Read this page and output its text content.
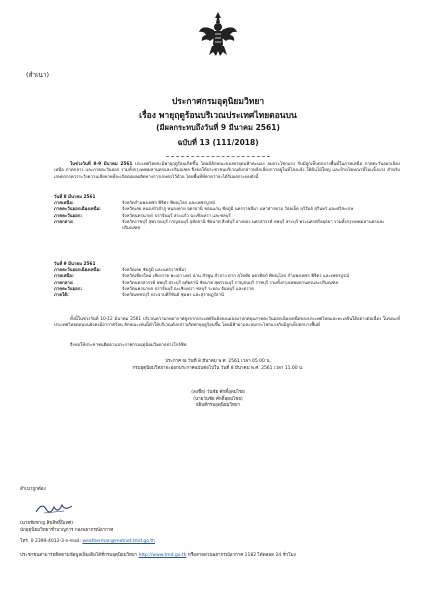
(สำเนา)
ประกาศกรมอุตุนิยมวิทยา
เรื่อง พายุฤดูร้อนบริเวณประเทศไทยตอนบน
(มีผลกระทบถึงวันที่ 9 มีนาคม 2561)
ฉบับที่ 13 (111/2018)
ในช่วงวันที่ 8-9 มีนาคม 2561 ประเทศไทยจะมีพายุฤดูร้อนเกิดขึ้น โดยมีลักษณะของพายุฝนฟ้าคะนอง ลมกระโชกแรง กับมีลูกเห็บตกบางพื้นที่ในภาคเหนือ ภาคตะวันออกเฉียงเหนือ ภาคกลาง และภาคตะวันออก รวมทั้งกรุงเทพมหานครและปริมณฑล จึงขอให้ประชาชนบริเวณดังกล่าวหลีกเลี่ยงการอยู่ในที่โล่งแจ้ง ใต้ต้นไม้ใหญ่ และป้ายโฆษณาที่ไม่แข็งแรง สำหรับเกษตรกรควรระวังความเสียหายที่จะเกิดต่อผลผลิตทางการเกษตรไว้ด้วย โดยพื้นที่ที่คาดว่าจะได้รับผลกระทบดังนี้
วันที่ 8 มีนาคม 2561
ภาคเหนือ:	จังหวัดกำแพงเพชร พิจิตร พิษณุโลก และเพชรบูรณ์
ภาคตะวันออกเฉียงเหนือ:	จังหวัดเลย หนองบัวลำภู หนองคาย อุดรธานี ขอนแก่น ชัยภูมิ นครราชสีมา มหาสารคาม ร้อยเอ็ด บุรีรัมย์ สุรินทร์ และศรีสะเกษ
ภาคตะวันออก:	จังหวัดนครนายก ปราจีนบุรี สระแก้ว ฉะเชิงเทรา และชลบุรี
ภาคกลาง:	จังหวัดราชบุรี สุพรรณบุรี กาญจนบุรี อุทัยธานี ชัยนาท สิงห์บุรี อ่างทอง นครสวรรค์ ลพบุรี สระบุรี พระนครศรีอยุธยา รวมทั้งกรุงเทพมหานครและปริมณฑล
วันที่ 9 มีนาคม 2561
ภาคตะวันออกเฉียงเหนือ:	จังหวัดเลย ชัยภูมิ และนครราชสีมา
ภาคเหนือ:	จังหวัดเชียงใหม่ เชียงราย พะเยา แพร่ น่าน ลำพูน ลำปาง ตาก สุโขทัย อุตรดิตถ์ พิษณุโลก กำแพงเพชร พิจิตร และเพชรบูรณ์
ภาคกลาง:	จังหวัดนครสวรรค์ ลพบุรี สระบุรี อุทัยธานี ชัยนาท สุพรรณบุรี กาญจนบุรี ราชบุรี รวมทั้งกรุงเทพมหานครและปริมณฑล
ภาคตะวันออก:	จังหวัดนครนายก ปราจีนบุรี ฉะเชิงเทรา ชลบุรี ระยอง จันทบุรี และตราด
ภาคใต้:	จังหวัดเพชรบุรี ประจวบคีรีขันธ์ ชุมพร และสุราษฎร์ธานี
ทั้งนี้ในช่วงวันที่ 10-12 มีนาคม 2561 บริเวณความกดอากาศสูงจากประเทศจีนยังคงแผ่ลงมาปกคลุมภาคตะวันออกเฉียงเหนือของประเทศไทยและทะเลจีนใต้อย่างต่อเนื่อง ในขณะที่ประเทศไทยตอนบนยังคงมีอากาศร้อน ลักษณะเช่นนี้ทำให้บริเวณดังกล่าวเกิดพายุฤดูร้อนขึ้น โดยมีฟ้าผ่าและลมกระโชกแรงกับมีลูกเห็บตกบางพื้นที่
จึงขอให้ประชาชนติดตามประกาศกรมอุตุนิยมวิทยาอย่างใกล้ชิด
ประกาศ ณ วันที่ 8 มีนาคม พ.ศ. 2561 เวลา 05.00 น.
กรมอุตุนิยมวิทยาจะออกประกาศฉบับต่อไปใน วันที่ 8 มีนาคม พ.ศ. 2561 เวลา 11.00 น.
(ลงชื่อ) วันชัย ศักดิ์อุดมไชย
(นายวันชัย ศักดิ์อุดมไชย)
อธิบดีกรมอุตุนิยมวิทยา
สำเนาถูกต้อง
(นายชัยชาญ ลิขสิทธิ์นิเทศ)
นักอุตุนิยมวิทยาชำนาญการ กองพยากรณ์อากาศ
โทร. 0 2399-4012-3 e-mail: weatherman@metnet.tmd.go.th
ประชาชนสามารถติดตามข้อมูลเพิ่มเติมได้ที่กรมอุตุนิยมวิทยา http://www.tmd.go.th หรือสายด่วนพยากรณ์อากาศ 1182 ได้ตลอด 24 ชั่วโมง
